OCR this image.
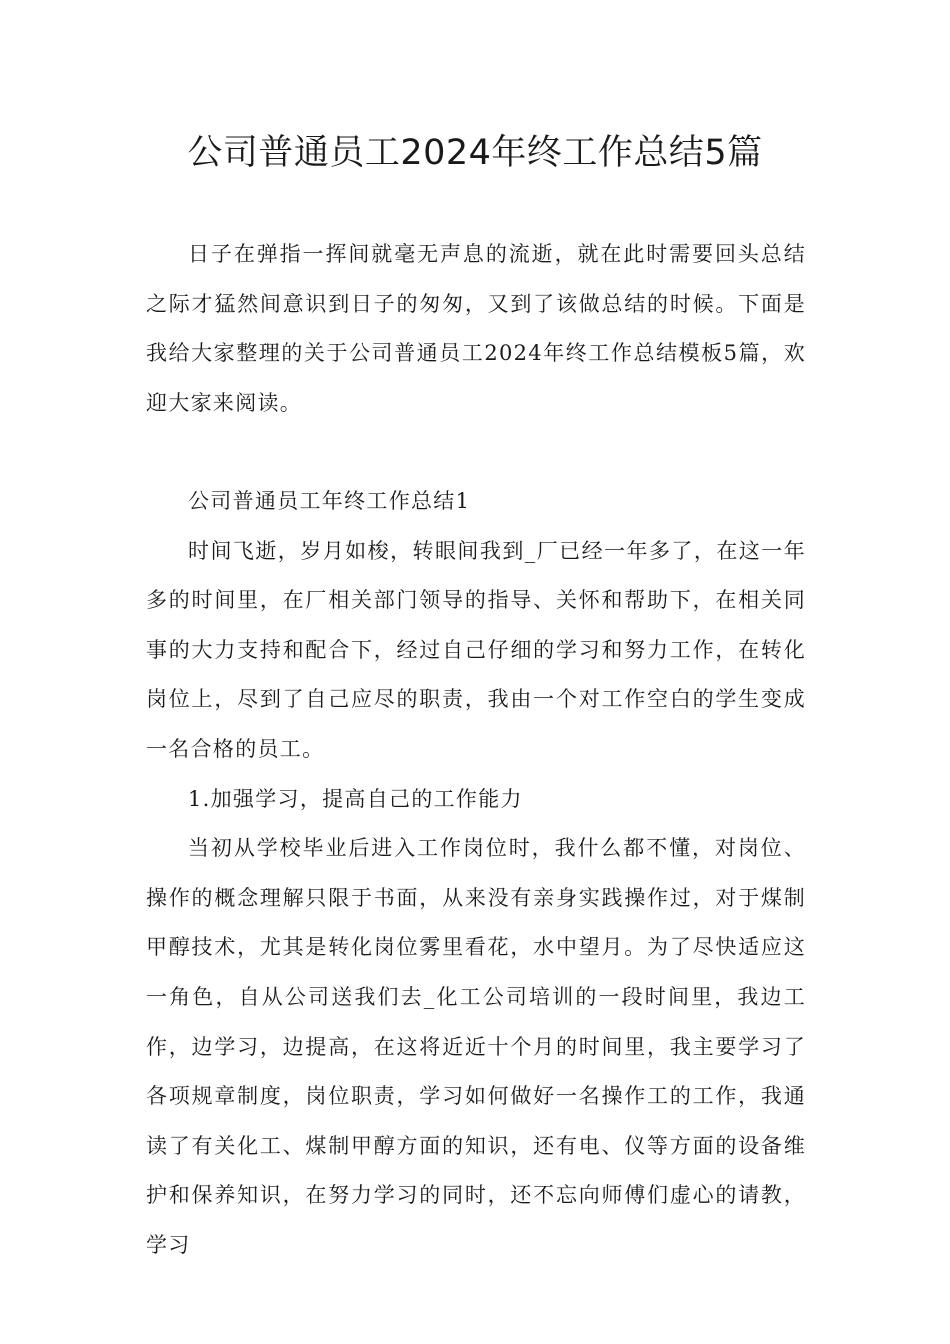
公司普通员工2024年终工作总结5篇

日子在弹指一挥间就毫无声息的流逝，就在此时需要回头总结之际才猛然间意识到日子的匆匆，又到了该做总结的时候。下面是我给大家整理的关于公司普通员工2024年终工作总结模板5篇，欢迎大家来阅读。

公司普通员工年终工作总结1

时间飞逝，岁月如梭，转眼间我到_厂已经一年多了，在这一年多的时间里，在厂相关部门领导的指导、关怀和帮助下，在相关同事的大力支持和配合下，经过自己仔细的学习和努力工作，在转化岗位上，尽到了自己应尽的职责，我由一个对工作空白的学生变成一名合格的员工。

1.加强学习，提高自己的工作能力

当初从学校毕业后进入工作岗位时，我什么都不懂，对岗位、操作的概念理解只限于书面，从来没有亲身实践操作过，对于煤制甲醇技术，尤其是转化岗位雾里看花，水中望月。为了尽快适应这一角色，自从公司送我们去_化工公司培训的一段时间里，我边工作，边学习，边提高，在这将近近十个月的时间里，我主要学习了各项规章制度，岗位职责，学习如何做好一名操作工的工作，我通读了有关化工、煤制甲醇方面的知识，还有电、仪等方面的设备维护和保养知识，在努力学习的同时，还不忘向师傅们虚心的请教，学习
